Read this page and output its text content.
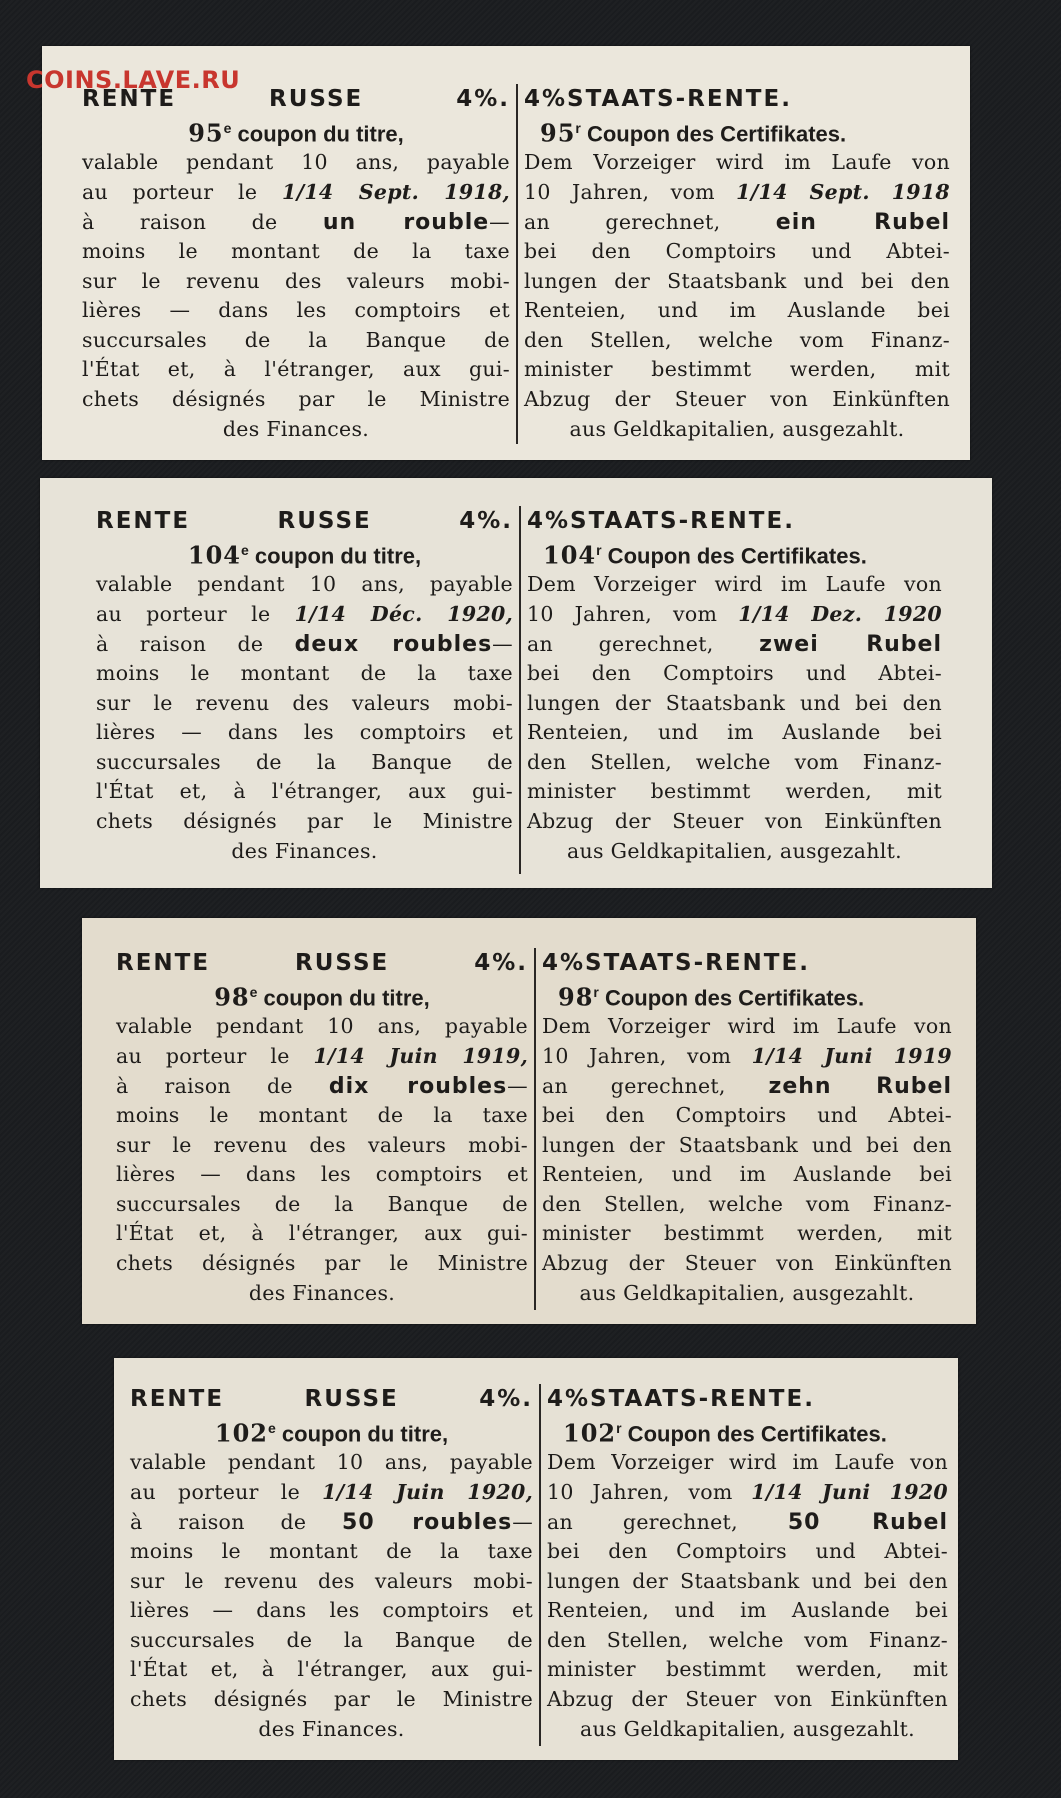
COINS.LAVE.RU
RENTE RUSSE 4%.
95e coupon du titre,
valable pendant 10 ans, payable
au porteur le 1/14 Sept. 1918,
à raison de un rouble—
moins le montant de la taxe
sur le revenu des valeurs mobi-
lières — dans les comptoirs et
succursales de la Banque de
l'État et, à l'étranger, aux gui-
chets désignés par le Ministre
des Finances.
4%STAATS-RENTE.
95$^r$ Coupon des Certifikates.
Dem Vorzeiger wird im Laufe von
10 Jahren, vom 1/14 Sept. 1918
an gerechnet, ein Rubel
bei den Comptoirs und Abtei-
lungen der Staatsbank und bei den
Renteien, und im Auslande bei
den Stellen, welche vom Finanz-
minister bestimmt werden, mit
Abzug der Steuer von Einkünften
aus Geldkapitalien, ausgezahlt.
RENTE RUSSE 4%.
104e coupon du titre,
valable pendant 10 ans, payable
au porteur le 1/14 Déc. 1920,
à raison de deux roubles—
moins le montant de la taxe
sur le revenu des valeurs mobi-
lières — dans les comptoirs et
succursales de la Banque de
l'État et, à l'étranger, aux gui-
chets désignés par le Ministre
des Finances.
4%STAATS-RENTE.
104$^r$ Coupon des Certifikates.
Dem Vorzeiger wird im Laufe von
10 Jahren, vom 1/14 Dez. 1920
an gerechnet, zwei Rubel
bei den Comptoirs und Abtei-
lungen der Staatsbank und bei den
Renteien, und im Auslande bei
den Stellen, welche vom Finanz-
minister bestimmt werden, mit
Abzug der Steuer von Einkünften
aus Geldkapitalien, ausgezahlt.
RENTE RUSSE 4%.
98e coupon du titre,
valable pendant 10 ans, payable
au porteur le 1/14 Juin 1919,
à raison de dix roubles—
moins le montant de la taxe
sur le revenu des valeurs mobi-
lières — dans les comptoirs et
succursales de la Banque de
l'État et, à l'étranger, aux gui-
chets désignés par le Ministre
des Finances.
4%STAATS-RENTE.
98$^r$ Coupon des Certifikates.
Dem Vorzeiger wird im Laufe von
10 Jahren, vom 1/14 Juni 1919
an gerechnet, zehn Rubel
bei den Comptoirs und Abtei-
lungen der Staatsbank und bei den
Renteien, und im Auslande bei
den Stellen, welche vom Finanz-
minister bestimmt werden, mit
Abzug der Steuer von Einkünften
aus Geldkapitalien, ausgezahlt.
RENTE RUSSE 4%.
102e coupon du titre,
valable pendant 10 ans, payable
au porteur le 1/14 Juin 1920,
à raison de 50 roubles—
moins le montant de la taxe
sur le revenu des valeurs mobi-
lières — dans les comptoirs et
succursales de la Banque de
l'État et, à l'étranger, aux gui-
chets désignés par le Ministre
des Finances.
4%STAATS-RENTE.
102$^r$ Coupon des Certifikates.
Dem Vorzeiger wird im Laufe von
10 Jahren, vom 1/14 Juni 1920
an gerechnet, 50 Rubel
bei den Comptoirs und Abtei-
lungen der Staatsbank und bei den
Renteien, und im Auslande bei
den Stellen, welche vom Finanz-
minister bestimmt werden, mit
Abzug der Steuer von Einkünften
aus Geldkapitalien, ausgezahlt.
